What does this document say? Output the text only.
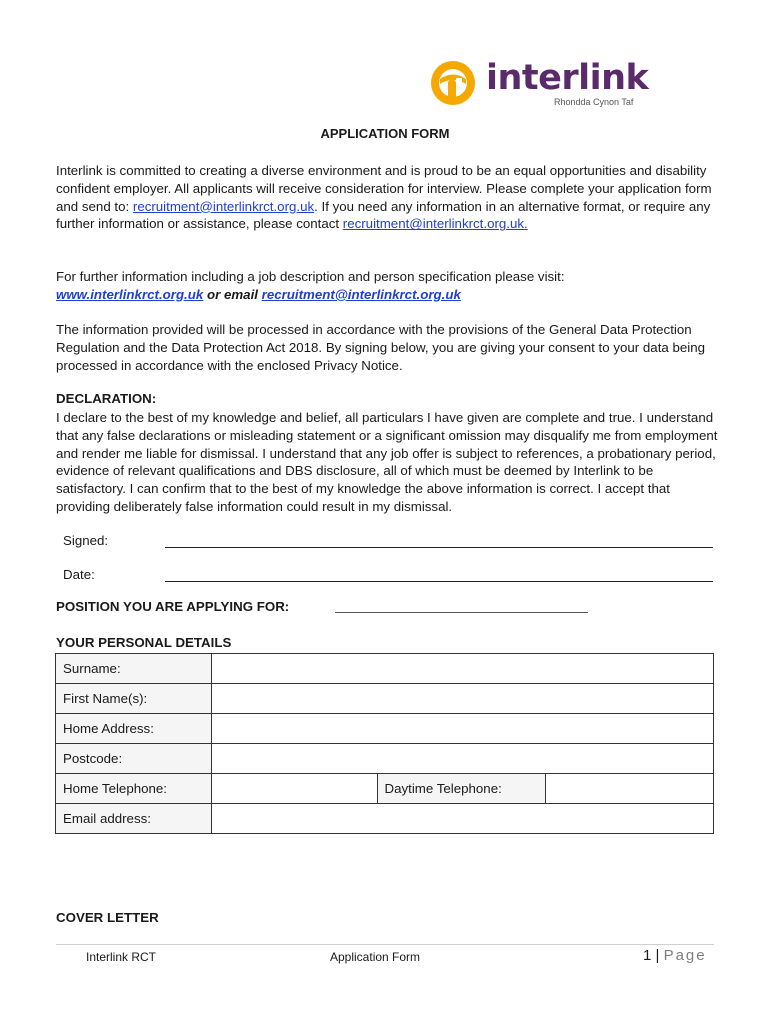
interlink
Rhondda Cynon Taf
APPLICATION FORM

Interlink is committed to creating a diverse environment and is proud to be an equal opportunities and disability confident employer. All applicants will receive consideration for interview. Please complete your application form and send to: recruitment@interlinkrct.org.uk. If you need any information in an alternative format, or require any further information or assistance, please contact recruitment@interlinkrct.org.uk.

For further information including a job description and person specification please visit:
www.interlinkrct.org.uk or email recruitment@interlinkrct.org.uk

The information provided will be processed in accordance with the provisions of the General Data Protection Regulation and the Data Protection Act 2018. By signing below, you are giving your consent to your data being processed in accordance with the enclosed Privacy Notice.

DECLARATION:

I declare to the best of my knowledge and belief, all particulars I have given are complete and true. I understand that any false declarations or misleading statement or a significant omission may disqualify me from employment and render me liable for dismissal. I understand that any job offer is subject to references, a probationary period, evidence of relevant qualifications and DBS disclosure, all of which must be deemed by Interlink to be satisfactory. I can confirm that to the best of my knowledge the above information is correct. I accept that providing deliberately false information could result in my dismissal.

Signed:
Date:
POSITION YOU ARE APPLYING FOR:
YOUR PERSONAL DETAILS
Surname:			
First Name(s):			
Home Address:			
Postcode:			
Home Telephone:		Daytime Telephone:	
Email address:			
COVER LETTER
Interlink RCT	Application Form	1 | Page
